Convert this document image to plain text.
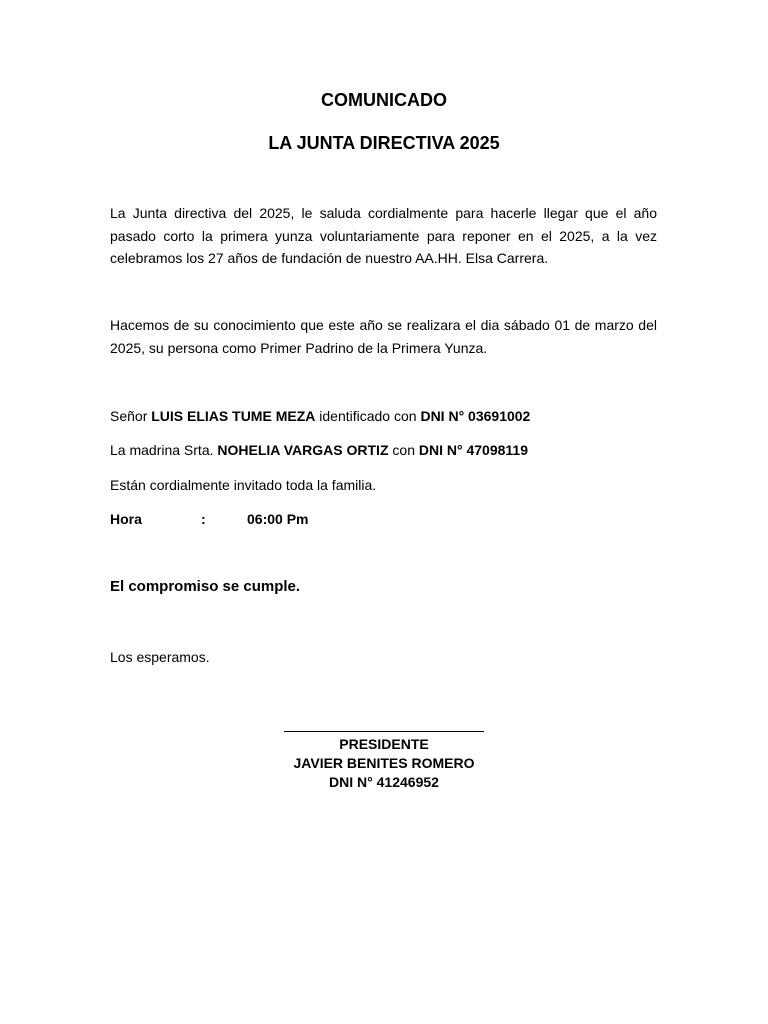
COMUNICADO
LA JUNTA DIRECTIVA 2025

La Junta directiva del 2025, le saluda cordialmente para hacerle llegar que el año pasado corto la primera yunza voluntariamente para reponer en el 2025, a la vez celebramos los 27 años de fundación de nuestro AA.HH. Elsa Carrera.

Hacemos de su conocimiento que este año se realizara el dia sábado 01 de marzo del 2025, su persona como Primer Padrino de la Primera Yunza.

Señor LUIS ELIAS TUME MEZA identificado con DNI N° 03691002

La madrina Srta. NOHELIA VARGAS ORTIZ con DNI N° 47098119

Están cordialmente invitado toda la familia.

Hora	:	06:00 Pm

El compromiso se cumple.

Los esperamos.

PRESIDENTE

JAVIER BENITES ROMERO

DNI N° 41246952
